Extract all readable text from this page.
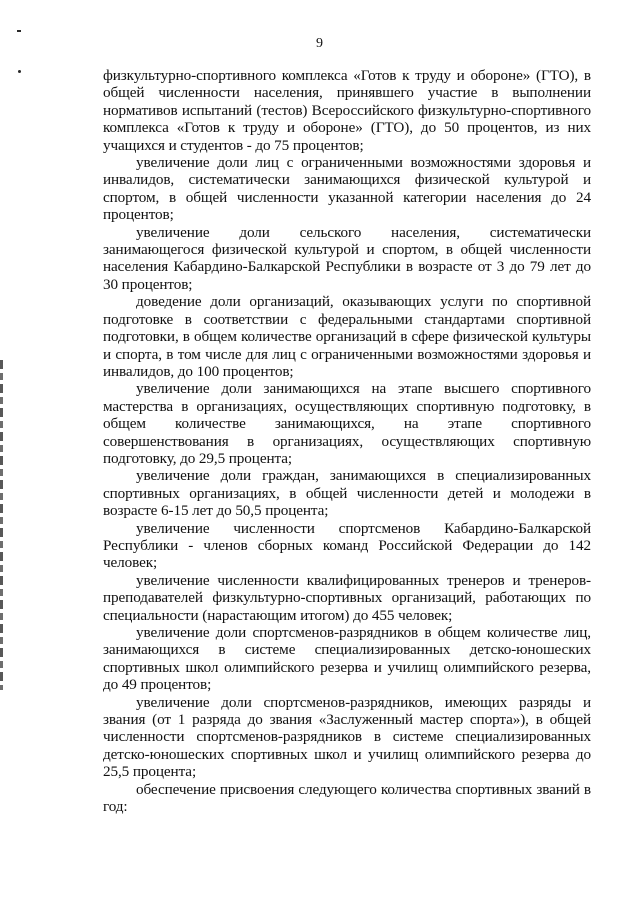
9

физкультурно-спортивного комплекса «Готов к труду и обороне» (ГТО), в общей численности населения, принявшего участие в выполнении нормативов испытаний (тестов) Всероссийского физкультурно-спортивного комплекса «Готов к труду и обороне» (ГТО), до 50 процентов, из них учащихся и студентов - до 75 процентов;

увеличение доли лиц с ограниченными возможностями здоровья и инвалидов, систематически занимающихся физической культурой и спортом, в общей численности указанной категории населения до 24 процентов;

увеличение доли сельского населения, систематически занимающегося физической культурой и спортом, в общей численности населения Кабардино-Балкарской Республики в возрасте от 3 до 79 лет до 30 процентов;

доведение доли организаций, оказывающих услуги по спортивной подготовке в соответствии с федеральными стандартами спортивной подготовки, в общем количестве организаций в сфере физической культуры и спорта, в том числе для лиц с ограниченными возможностями здоровья и инвалидов, до 100 процентов;

увеличение доли занимающихся на этапе высшего спортивного мастерства в организациях, осуществляющих спортивную подготовку, в общем количестве занимающихся, на этапе спортивного совершенствования в организациях, осуществляющих спортивную подготовку, до 29,5 процента;

увеличение доли граждан, занимающихся в специализированных спортивных организациях, в общей численности детей и молодежи в возрасте 6-15 лет до 50,5 процента;

увеличение численности спортсменов Кабардино-Балкарской Республики - членов сборных команд Российской Федерации до 142 человек;

увеличение численности квалифицированных тренеров и тренеров-преподавателей физкультурно-спортивных организаций, работающих по специальности (нарастающим итогом) до 455 человек;

увеличение доли спортсменов-разрядников в общем количестве лиц, занимающихся в системе специализированных детско-юношеских спортивных школ олимпийского резерва и училищ олимпийского резерва, до 49 процентов;

увеличение доли спортсменов-разрядников, имеющих разряды и звания (от 1 разряда до звания «Заслуженный мастер спорта»), в общей численности спортсменов-разрядников в системе специализированных детско-юношеских спортивных школ и училищ олимпийского резерва до 25,5 процента;

обеспечение присвоения следующего количества спортивных званий в год:
